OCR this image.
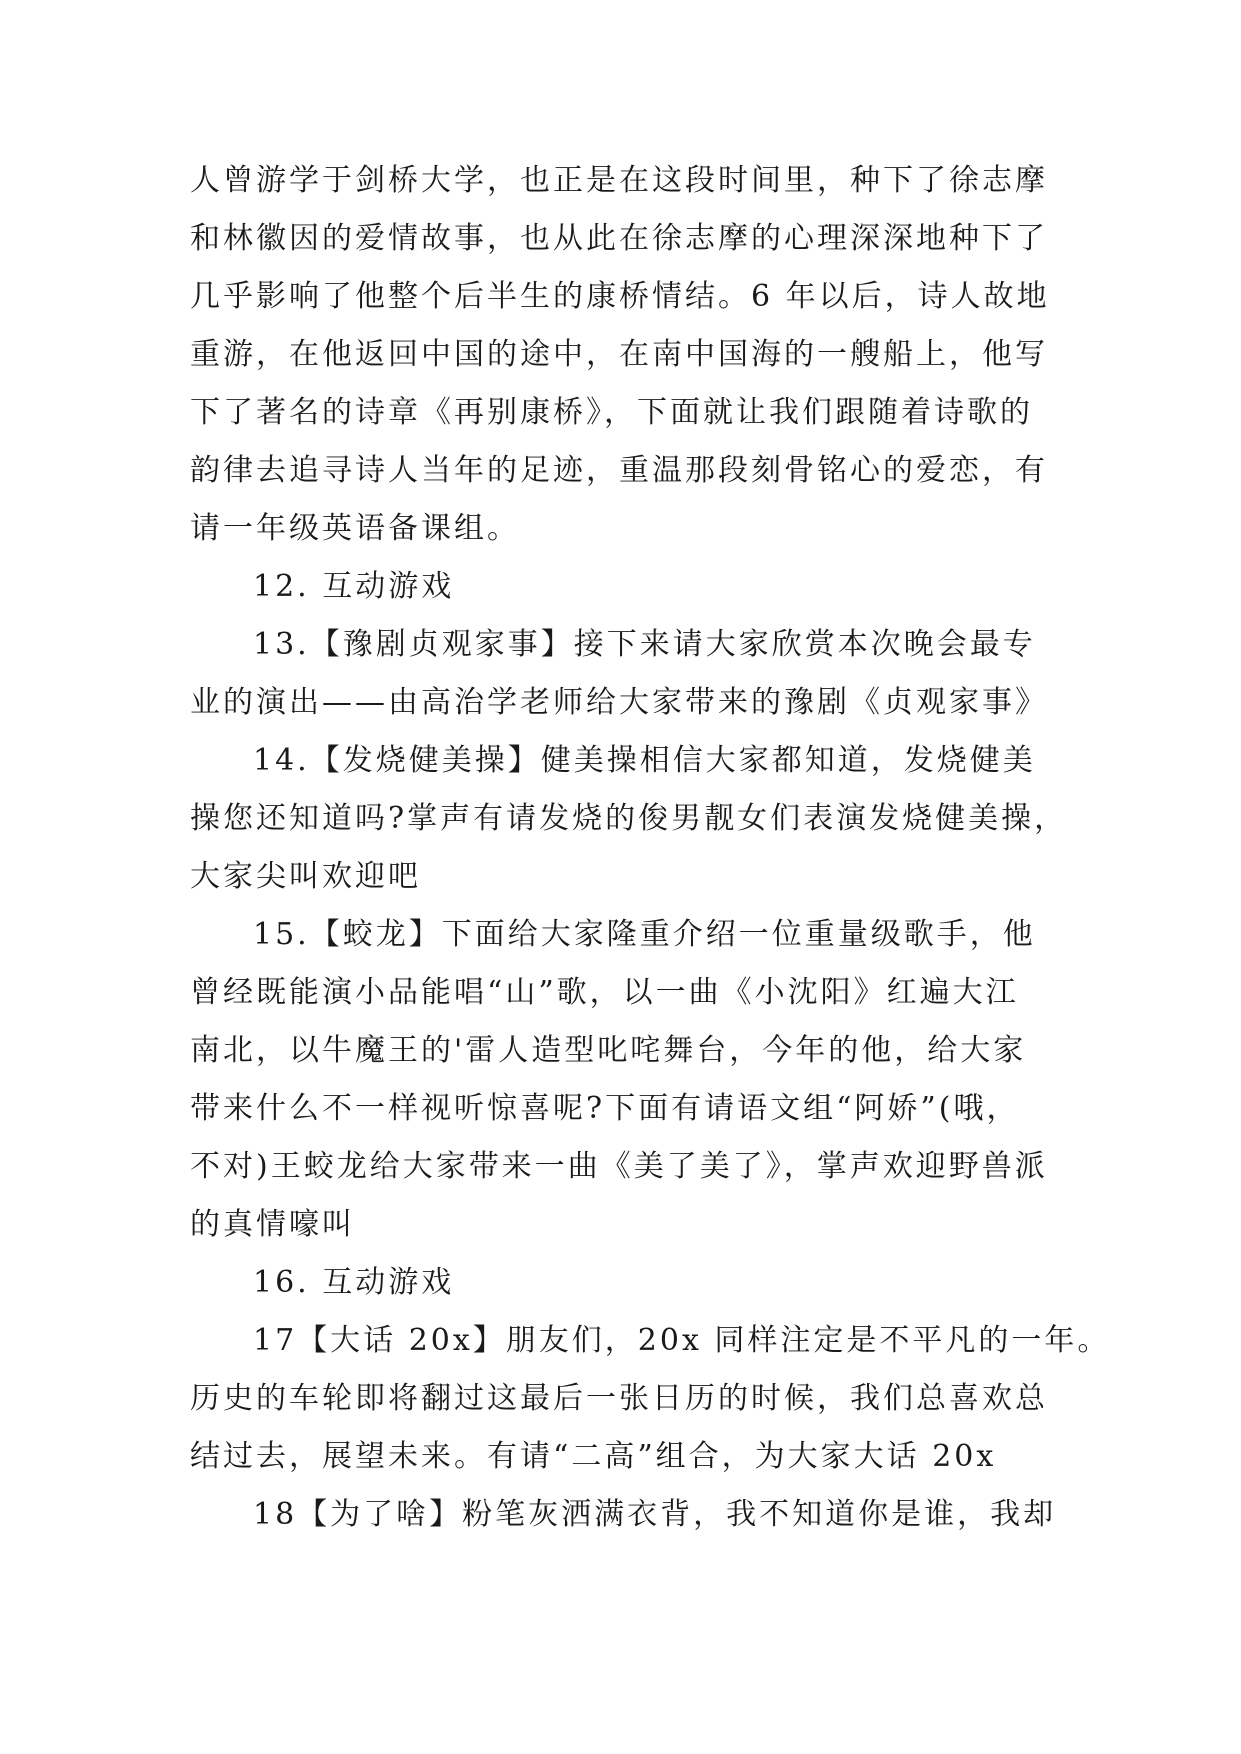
人曾游学于剑桥大学，也正是在这段时间里，种下了徐志摩
和林徽因的爱情故事，也从此在徐志摩的心理深深地种下了
几乎影响了他整个后半生的康桥情结。6 年以后，诗人故地
重游，在他返回中国的途中，在南中国海的一艘船上，他写
下了著名的诗章《再别康桥》，下面就让我们跟随着诗歌的
韵律去追寻诗人当年的足迹，重温那段刻骨铭心的爱恋，有
请一年级英语备课组。
12. 互动游戏
13.【豫剧贞观家事】接下来请大家欣赏本次晚会最专
业的演出——由高治学老师给大家带来的豫剧《贞观家事》
14.【发烧健美操】健美操相信大家都知道，发烧健美
操您还知道吗?掌声有请发烧的俊男靓女们表演发烧健美操，
大家尖叫欢迎吧
15.【蛟龙】下面给大家隆重介绍一位重量级歌手，他
曾经既能演小品能唱“山”歌，以一曲《小沈阳》红遍大江
南北，以牛魔王的'雷人造型叱咤舞台，今年的他，给大家
带来什么不一样视听惊喜呢?下面有请语文组“阿娇”(哦，
不对)王蛟龙给大家带来一曲《美了美了》，掌声欢迎野兽派
的真情嚎叫
16. 互动游戏
17【大话 20x】朋友们，20x 同样注定是不平凡的一年。
历史的车轮即将翻过这最后一张日历的时候，我们总喜欢总
结过去，展望未来。有请“二高”组合，为大家大话 20x
18【为了啥】粉笔灰洒满衣背，我不知道你是谁，我却
